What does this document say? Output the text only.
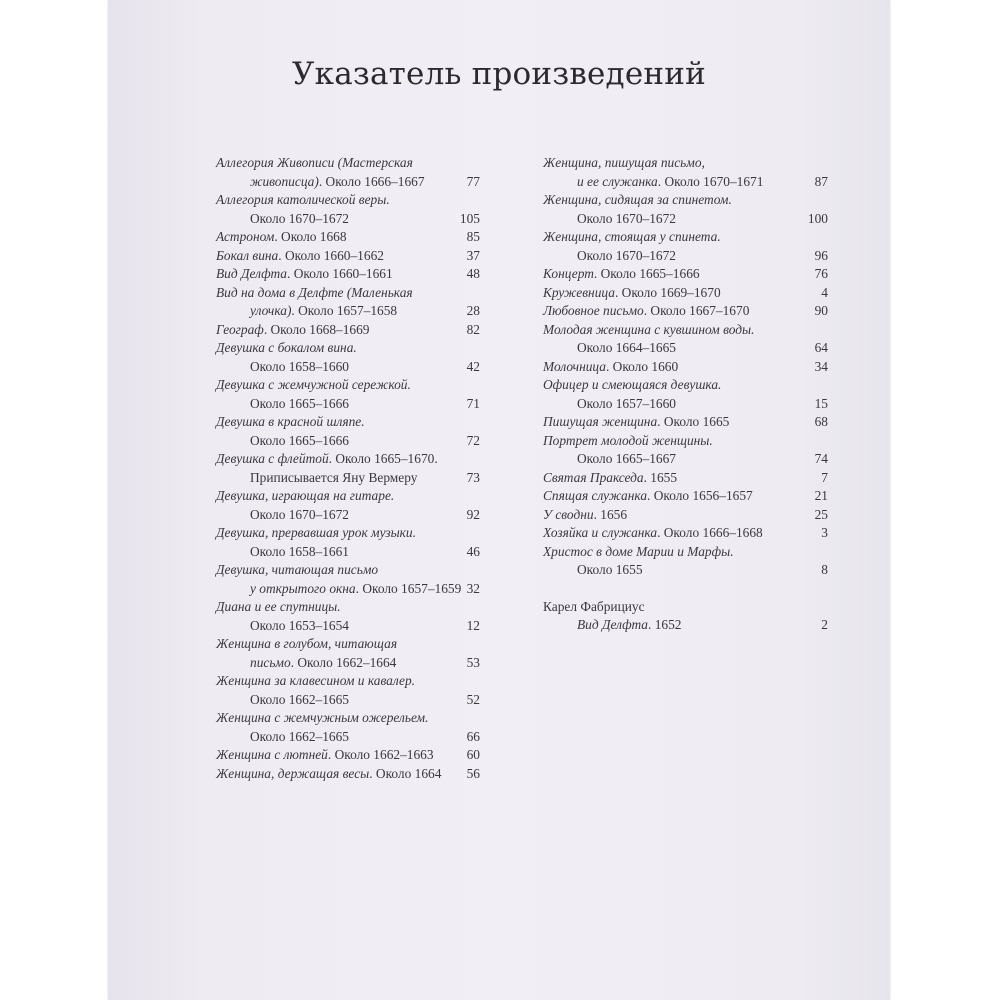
Указатель произведений
Аллегория Живописи (Мастерская
живописца). Около 1666–1667	77
Аллегория католической веры.
Около 1670–1672	105
Астроном. Около 1668	85
Бокал вина. Около 1660–1662	37
Вид Делфта. Около 1660–1661	48
Вид на дома в Делфте (Маленькая
улочка). Около 1657–1658	28
Географ. Около 1668–1669	82
Девушка с бокалом вина.
Около 1658–1660	42
Девушка с жемчужной сережкой.
Около 1665–1666	71
Девушка в красной шляпе.
Около 1665–1666	72
Девушка с флейтой. Около 1665–1670.
Приписывается Яну Вермеру	73
Девушка, играющая на гитаре.
Около 1670–1672	92
Девушка, прервавшая урок музыки.
Около 1658–1661	46
Девушка, читающая письмо
у открытого окна. Около 1657–1659 32
Диана и ее спутницы.
Около 1653–1654	12
Женщина в голубом, читающая
письмо. Около 1662–1664	53
Женщина за клавесином и кавалер.
Около 1662–1665	52
Женщина с жемчужным ожерельем.
Около 1662–1665	66
Женщина с лютней. Около 1662–1663 60
Женщина, держащая весы. Около 1664 56
Женщина, пишущая письмо,
и ее служанка. Около 1670–1671	87
Женщина, сидящая за спинетом.
Около 1670–1672	100
Женщина, стоящая у спинета.
Около 1670–1672	96
Концерт. Около 1665–1666	76
Кружевница. Около 1669–1670	4
Любовное письмо. Около 1667–1670	90
Молодая женщина с кувшином воды.
Около 1664–1665	64
Молочница. Около 1660	34
Офицер и смеющаяся девушка.
Около 1657–1660	15
Пишущая женщина. Около 1665	68
Портрет молодой женщины.
Около 1665–1667	74
Святая Пракседа. 1655	7
Спящая служанка. Около 1656–1657	21
У сводни. 1656	25
Хозяйка и служанка. Около 1666–1668	3
Христос в доме Марии и Марфы.
Около 1655	8
Карел Фабрициус
Вид Делфта. 1652	2
